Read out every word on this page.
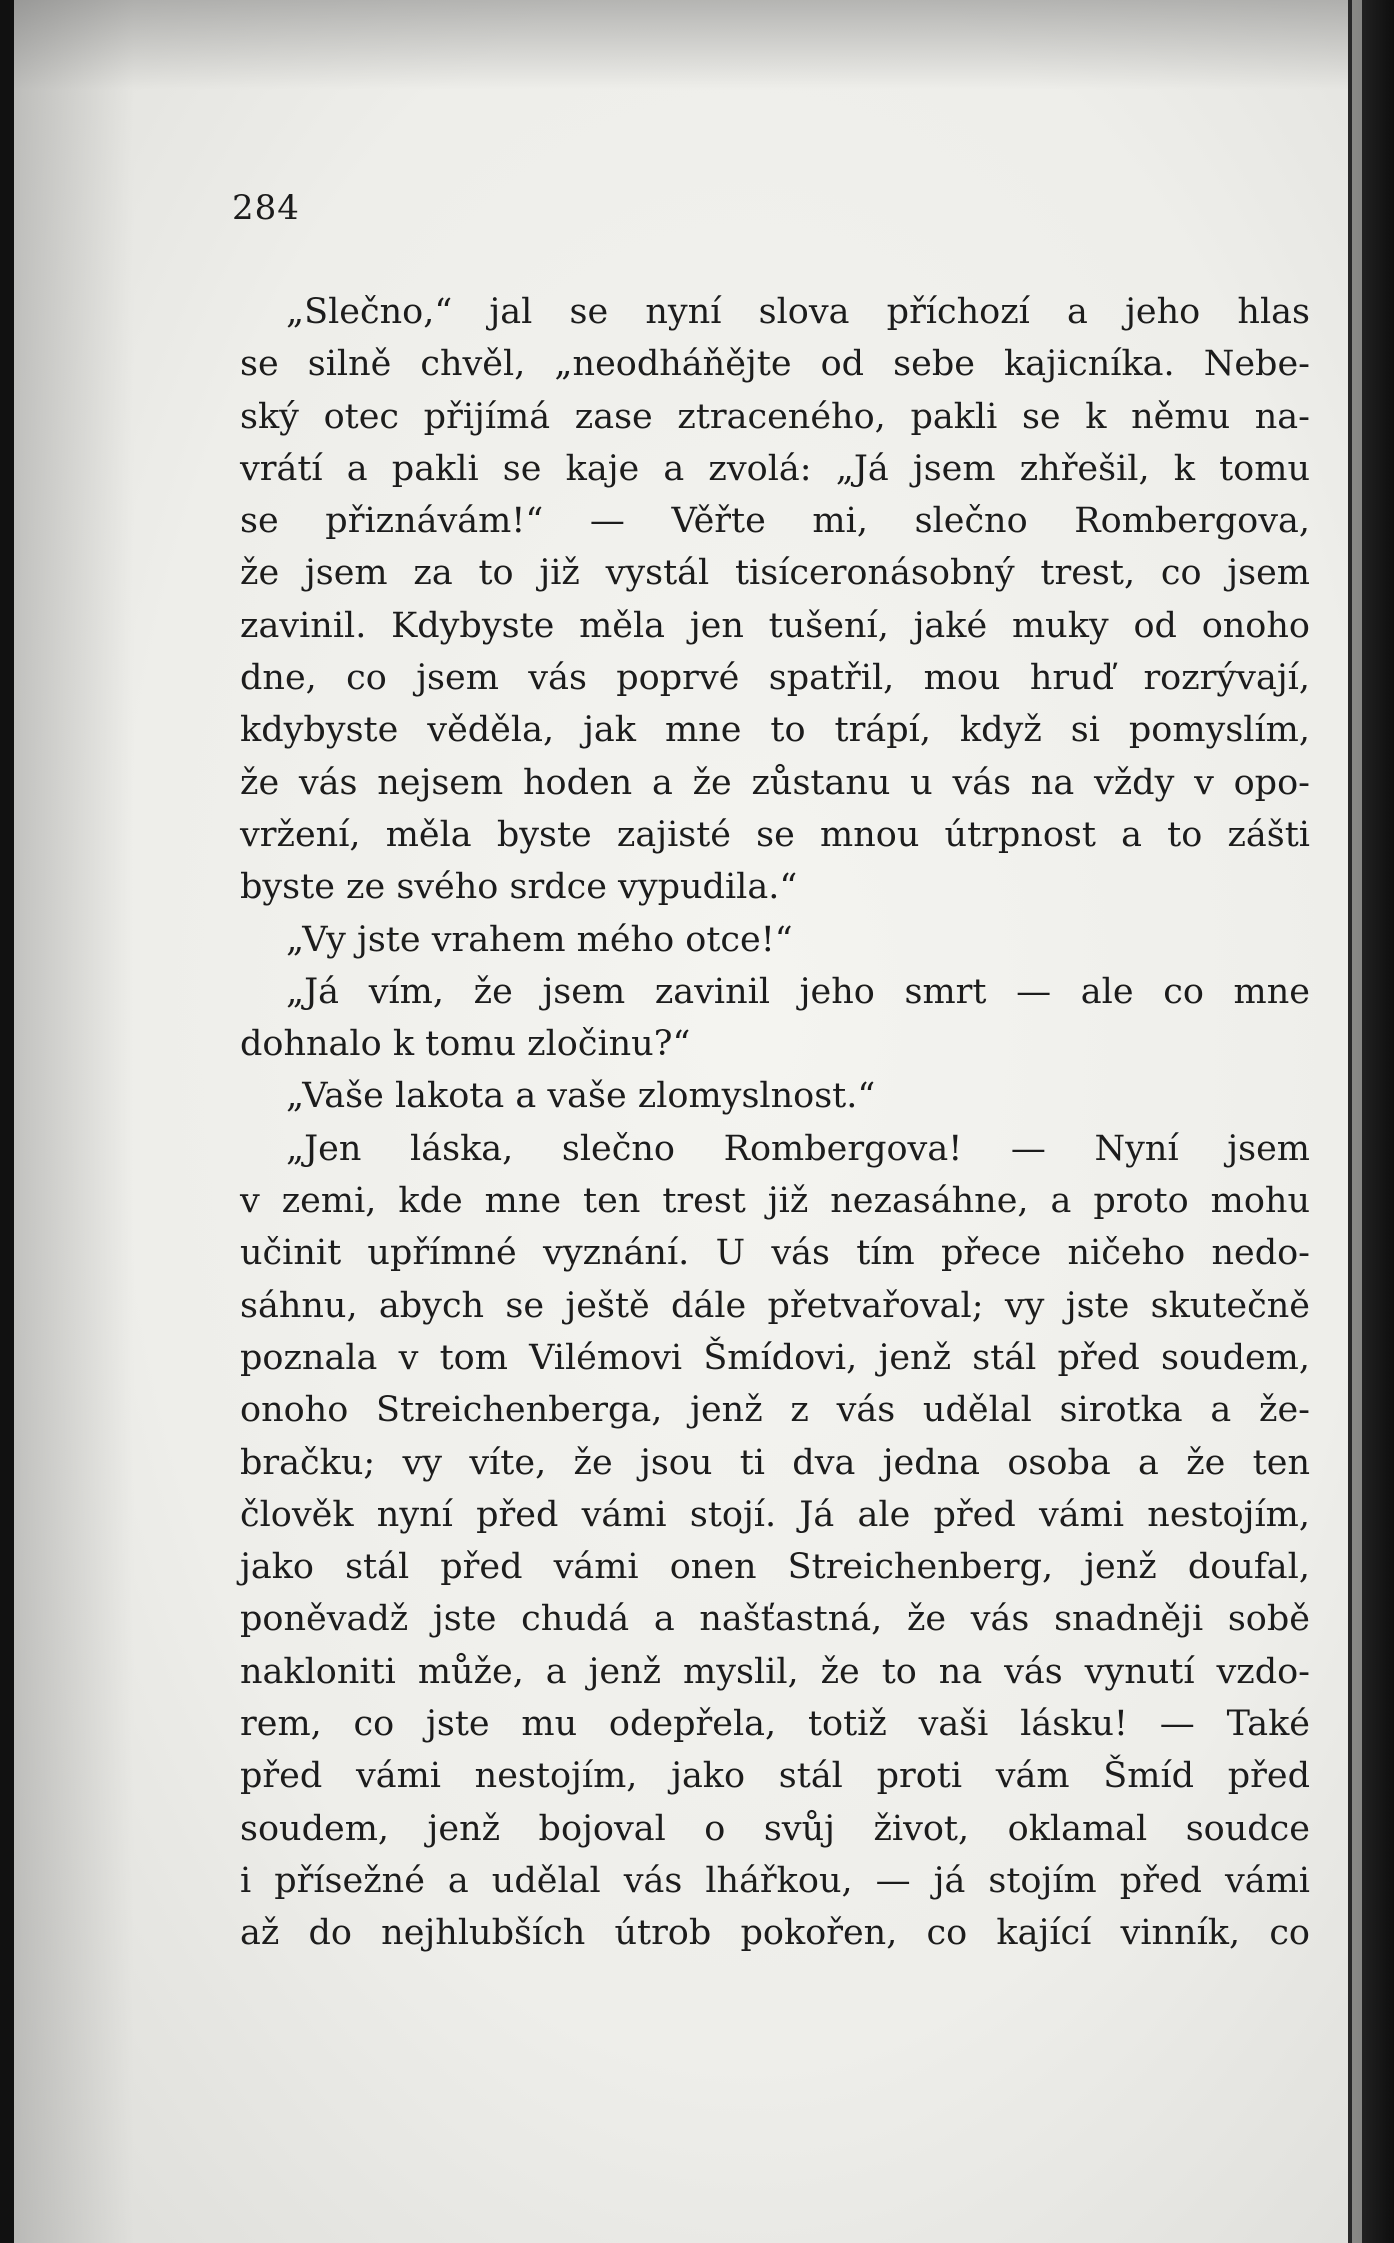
284
„Slečno,“ jal se nyní slova příchozí a jeho hlas
se silně chvěl, „neodháňějte od sebe kajicníka. Nebe-
ský otec přijímá zase ztraceného, pakli se k němu na-
vrátí a pakli se kaje a zvolá: „Já jsem zhřešil, k tomu
se přiznávám!“ — Věřte mi, slečno Rombergova,
že jsem za to již vystál tisíceronásobný trest, co jsem
zavinil. Kdybyste měla jen tušení, jaké muky od onoho
dne, co jsem vás poprvé spatřil, mou hruď rozrývají,
kdybyste věděla, jak mne to trápí, když si pomyslím,
že vás nejsem hoden a že zůstanu u vás na vždy v opo-
vržení, měla byste zajisté se mnou útrpnost a to zášti
byste ze svého srdce vypudila.“
„Vy jste vrahem mého otce!“
„Já vím, že jsem zavinil jeho smrt — ale co mne
dohnalo k tomu zločinu?“
„Vaše lakota a vaše zlomyslnost.“
„Jen láska, slečno Rombergova! — Nyní jsem
v zemi, kde mne ten trest již nezasáhne, a proto mohu
učinit upřímné vyznání. U vás tím přece ničeho nedo-
sáhnu, abych se ještě dále přetvařoval; vy jste skutečně
poznala v tom Vilémovi Šmídovi, jenž stál před soudem,
onoho Streichenberga, jenž z vás udělal sirotka a že-
bračku; vy víte, že jsou ti dva jedna osoba a že ten
člověk nyní před vámi stojí. Já ale před vámi nestojím,
jako stál před vámi onen Streichenberg, jenž doufal,
poněvadž jste chudá a našťastná, že vás snadněji sobě
nakloniti může, a jenž myslil, že to na vás vynutí vzdo-
rem, co jste mu odepřela, totiž vaši lásku! — Také
před vámi nestojím, jako stál proti vám Šmíd před
soudem, jenž bojoval o svůj život, oklamal soudce
i přísežné a udělal vás lhářkou, — já stojím před vámi
až do nejhlubších útrob pokořen, co kající vinník, co
